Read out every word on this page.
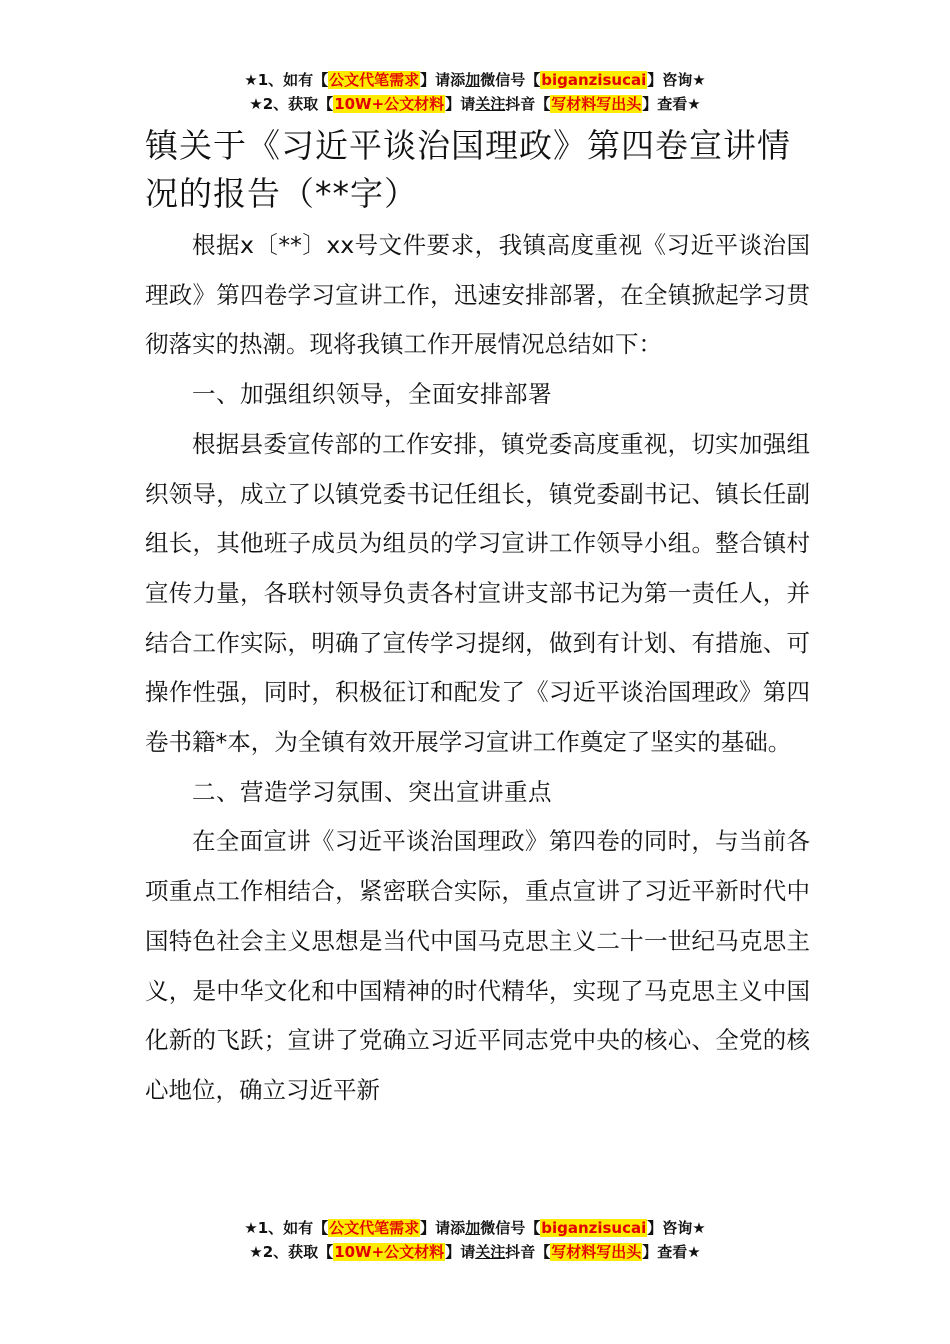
★1、如有【公文代笔需求】请添加微信号【biganzisucai】咨询★
★2、获取【10W+公文材料】请关注抖音【写材料写出头】查看★
镇关于《习近平谈治国理政》第四卷宣讲情况的报告（**字）

根据x〔**〕xx号文件要求，我镇高度重视《习近平谈治国理政》第四卷学习宣讲工作，迅速安排部署，在全镇掀起学习贯彻落实的热潮。现将我镇工作开展情况总结如下：

一、加强组织领导，全面安排部署

根据县委宣传部的工作安排，镇党委高度重视，切实加强组织领导，成立了以镇党委书记任组长，镇党委副书记、镇长任副组长，其他班子成员为组员的学习宣讲工作领导小组。整合镇村宣传力量，各联村领导负责各村宣讲支部书记为第一责任人，并结合工作实际，明确了宣传学习提纲，做到有计划、有措施、可操作性强，同时，积极征订和配发了《习近平谈治国理政》第四卷书籍*本，为全镇有效开展学习宣讲工作奠定了坚实的基础。

二、营造学习氛围、突出宣讲重点

在全面宣讲《习近平谈治国理政》第四卷的同时，与当前各项重点工作相结合，紧密联合实际，重点宣讲了习近平新时代中国特色社会主义思想是当代中国马克思主义二十一世纪马克思主义，是中华文化和中国精神的时代精华，实现了马克思主义中国化新的飞跃；宣讲了党确立习近平同志党中央的核心、全党的核心地位，确立习近平新

★1、如有【公文代笔需求】请添加微信号【biganzisucai】咨询★
★2、获取【10W+公文材料】请关注抖音【写材料写出头】查看★
